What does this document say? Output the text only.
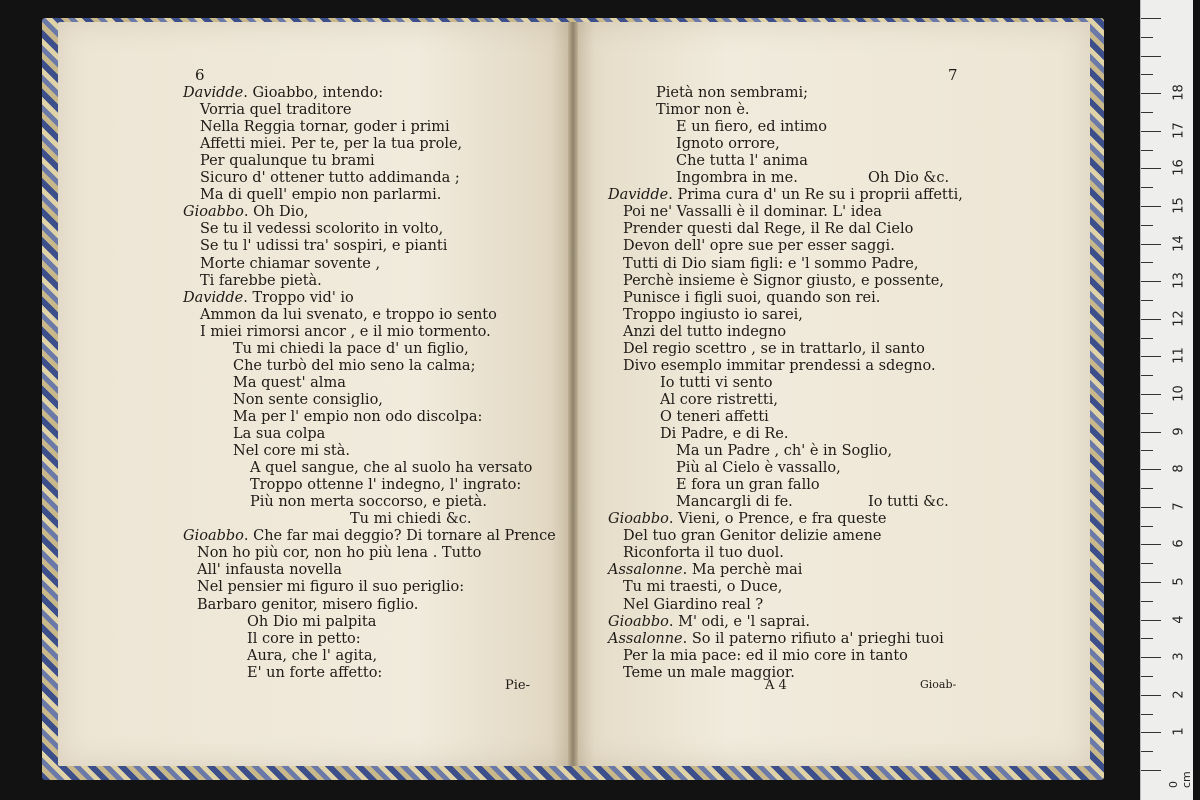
Davidde. Gioabbo, intendo:
Vorria quel traditore
Nella Reggia tornar, goder i primi
Affetti miei. Per te, per la tua prole,
Per qualunque tu brami
Sicuro d' ottener tutto addimanda ;
Ma di quell' empio non parlarmi.
Gioabbo. Oh Dio,
Se tu il vedessi scolorito in volto,
Se tu l' udissi tra' sospiri, e pianti
Morte chiamar sovente ,
Ti farebbe pietà.
Davidde. Troppo vid' io
Ammon da lui svenato, e troppo io sento
I miei rimorsi ancor , e il mio tormento.
Tu mi chiedi la pace d' un figlio,
Che turbò del mio seno la calma;
Ma quest' alma
Non sente consiglio,
Ma per l' empio non odo discolpa:
La sua colpa
Nel core mi stà.
A quel sangue, che al suolo ha versato
Troppo ottenne l' indegno, l' ingrato:
Più non merta soccorso, e pietà.
Tu mi chiedi &c.
Gioabbo. Che far mai deggio? Di tornare al Prence
Non ho più cor, non ho più lena . Tutto
All' infausta novella
Nel pensier mi figuro il suo periglio:
Barbaro genitor, misero figlio.
Oh Dio mi palpita
Il core in petto:
Aura, che l' agita,
E' un forte affetto:
Pietà non sembrami;
Timor non è.
E un fiero, ed intimo
Ignoto orrore,
Che tutta l' anima
Ingombra in me.	Oh Dio &c.
Davidde. Prima cura d' un Re su i proprii affetti,
Poi ne' Vassalli è il dominar. L' idea
Prender questi dal Rege, il Re dal Cielo
Devon dell' opre sue per esser saggi.
Tutti di Dio siam figli: e 'l sommo Padre,
Perchè insieme è Signor giusto, e possente,
Punisce i figli suoi, quando son rei.
Troppo ingiusto io sarei,
Anzi del tutto indegno
Del regio scettro , se in trattarlo, il santo
Divo esemplo immitar prendessi a sdegno.
Io tutti vi sento
Al core ristretti,
O teneri affetti
Di Padre, e di Re.
Ma un Padre , ch' è in Soglio,
Più al Cielo è vassallo,
E fora un gran fallo
Mancargli di fe.	Io tutti &c.
Gioabbo. Vieni, o Prence, e fra queste
Del tuo gran Genitor delizie amene
Riconforta il tuo duol.
Assalonne. Ma perchè mai
Tu mi traesti, o Duce,
Nel Giardino real ?
Gioabbo. M' odi, e 'l saprai.
Assalonne. So il paterno rifiuto a' prieghi tuoi
Per la mia pace: ed il mio core in tanto
Teme un male maggior.
6
Pie-
7
A 4	Gioab-
0 cm
1
2
3
4
5
6
7
8
9
10
11
12
13
14
15
16
17
18
